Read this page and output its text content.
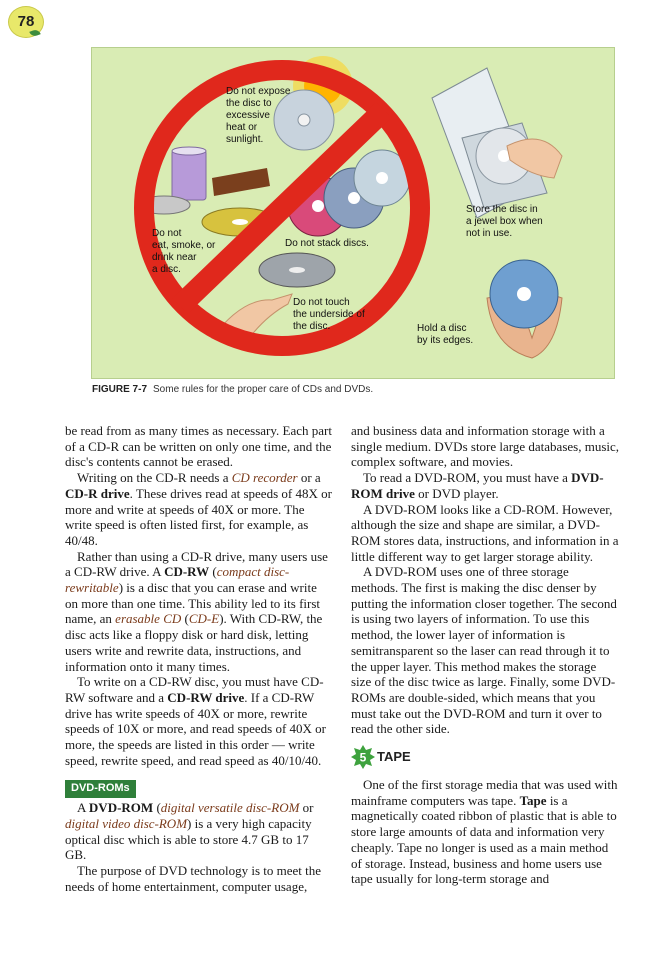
78
Do not expose
the disc to
excessive
heat or
sunlight.
Do not
eat, smoke, or
drink near
a disc.
Do not stack discs.
Do not touch
the underside of
the disc.
Store the disc in
a jewel box when
not in use.
Hold a disc
by its edges.
FIGURE 7-7 Some rules for the proper care of CDs and DVDs.

be read from as many times as necessary. Each part of a CD-R can be written on only one time, and the disc's contents cannot be erased.

Writing on the CD-R needs a CD recorder or a CD-R drive. These drives read at speeds of 48X or more and write at speeds of 40X or more. The write speed is often listed first, for example, as 40/48.

Rather than using a CD-R drive, many users use a CD-RW drive. A CD-RW (compact disc-rewritable) is a disc that you can erase and write on more than one time. This ability led to its first name, an erasable CD (CD-E). With CD-RW, the disc acts like a floppy disk or hard disk, letting users write and rewrite data, instructions, and information onto it many times.

To write on a CD-RW disc, you must have CD-RW software and a CD-RW drive. If a CD-RW drive has write speeds of 40X or more, rewrite speeds of 10X or more, and read speeds of 40X or more, the speeds are listed in this order — write speed, rewrite speed, and read speed as 40/10/40.

DVD-ROMs

A DVD-ROM (digital versatile disc-ROM or digital video disc-ROM) is a very high capacity optical disc which is able to store 4.7 GB to 17 GB.

The purpose of DVD technology is to meet the needs of home entertainment, computer usage,

and business data and information storage with a single medium. DVDs store large databases, music, complex software, and movies.

To read a DVD-ROM, you must have a DVD-ROM drive or DVD player.

A DVD-ROM looks like a CD-ROM. However, although the size and shape are similar, a DVD-ROM stores data, instructions, and information in a little different way to get larger storage ability.

A DVD-ROM uses one of three storage methods. The first is making the disc denser by putting the information closer together. The second is using two layers of information. To use this method, the lower layer of information is semitransparent so the laser can read through it to the upper layer. This method makes the storage size of the disc twice as large. Finally, some DVD-ROMs are double-sided, which means that you must take out the DVD-ROM and turn it over to read the other side.

5 TAPE

One of the first storage media that was used with mainframe computers was tape. Tape is a magnetically coated ribbon of plastic that is able to store large amounts of data and information very cheaply. Tape no longer is used as a main method of storage. Instead, business and home users use tape usually for long-term storage and
